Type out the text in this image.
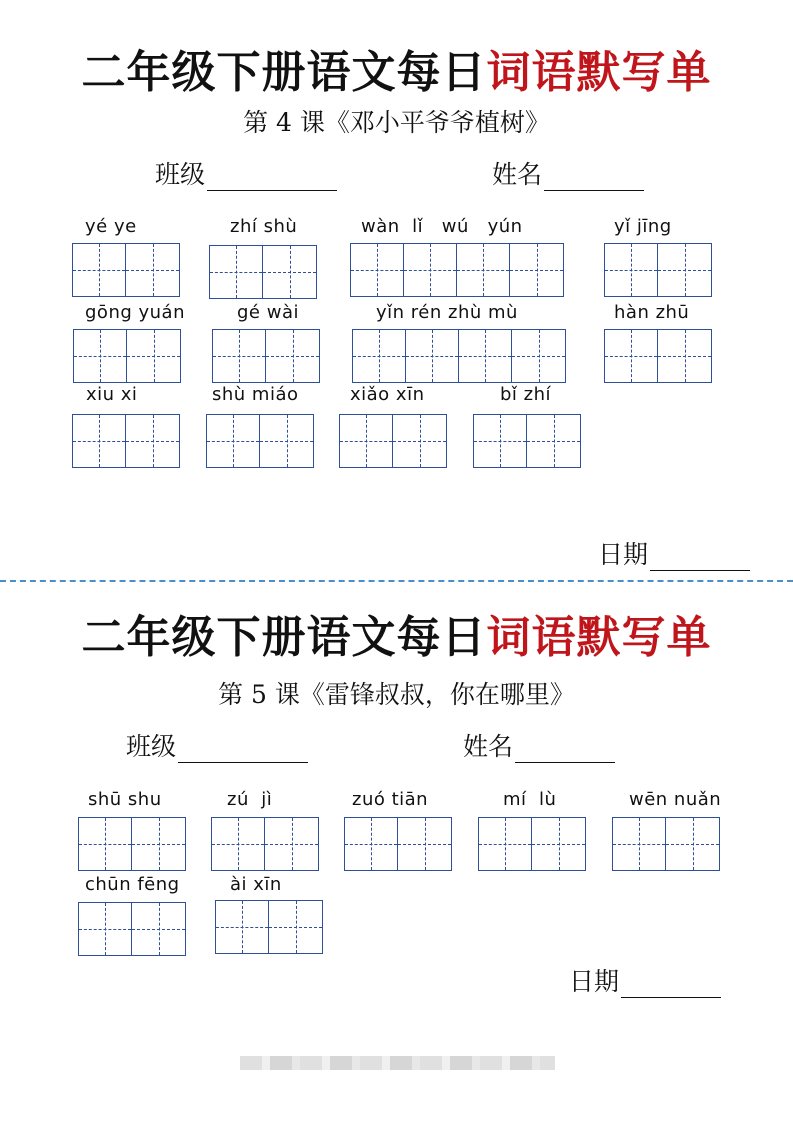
二年级下册语文每日词语默写单
第 4 课《邓小平爷爷植树》
班级	姓名
yé ye	zhí shù	wàn  lǐ   wú   yún	yǐ jīng
gōng yuán	gé wài	yǐn rén zhù mù	hàn zhū
xiu xi	shù miáo	xiǎo xīn	bǐ zhí
日期
二年级下册语文每日词语默写单
第 5 课《雷锋叔叔，你在哪里》
班级	姓名
shū shu	zú  jì	zuó tiān	mí  lù	wēn nuǎn
chūn fēng	ài xīn
日期
